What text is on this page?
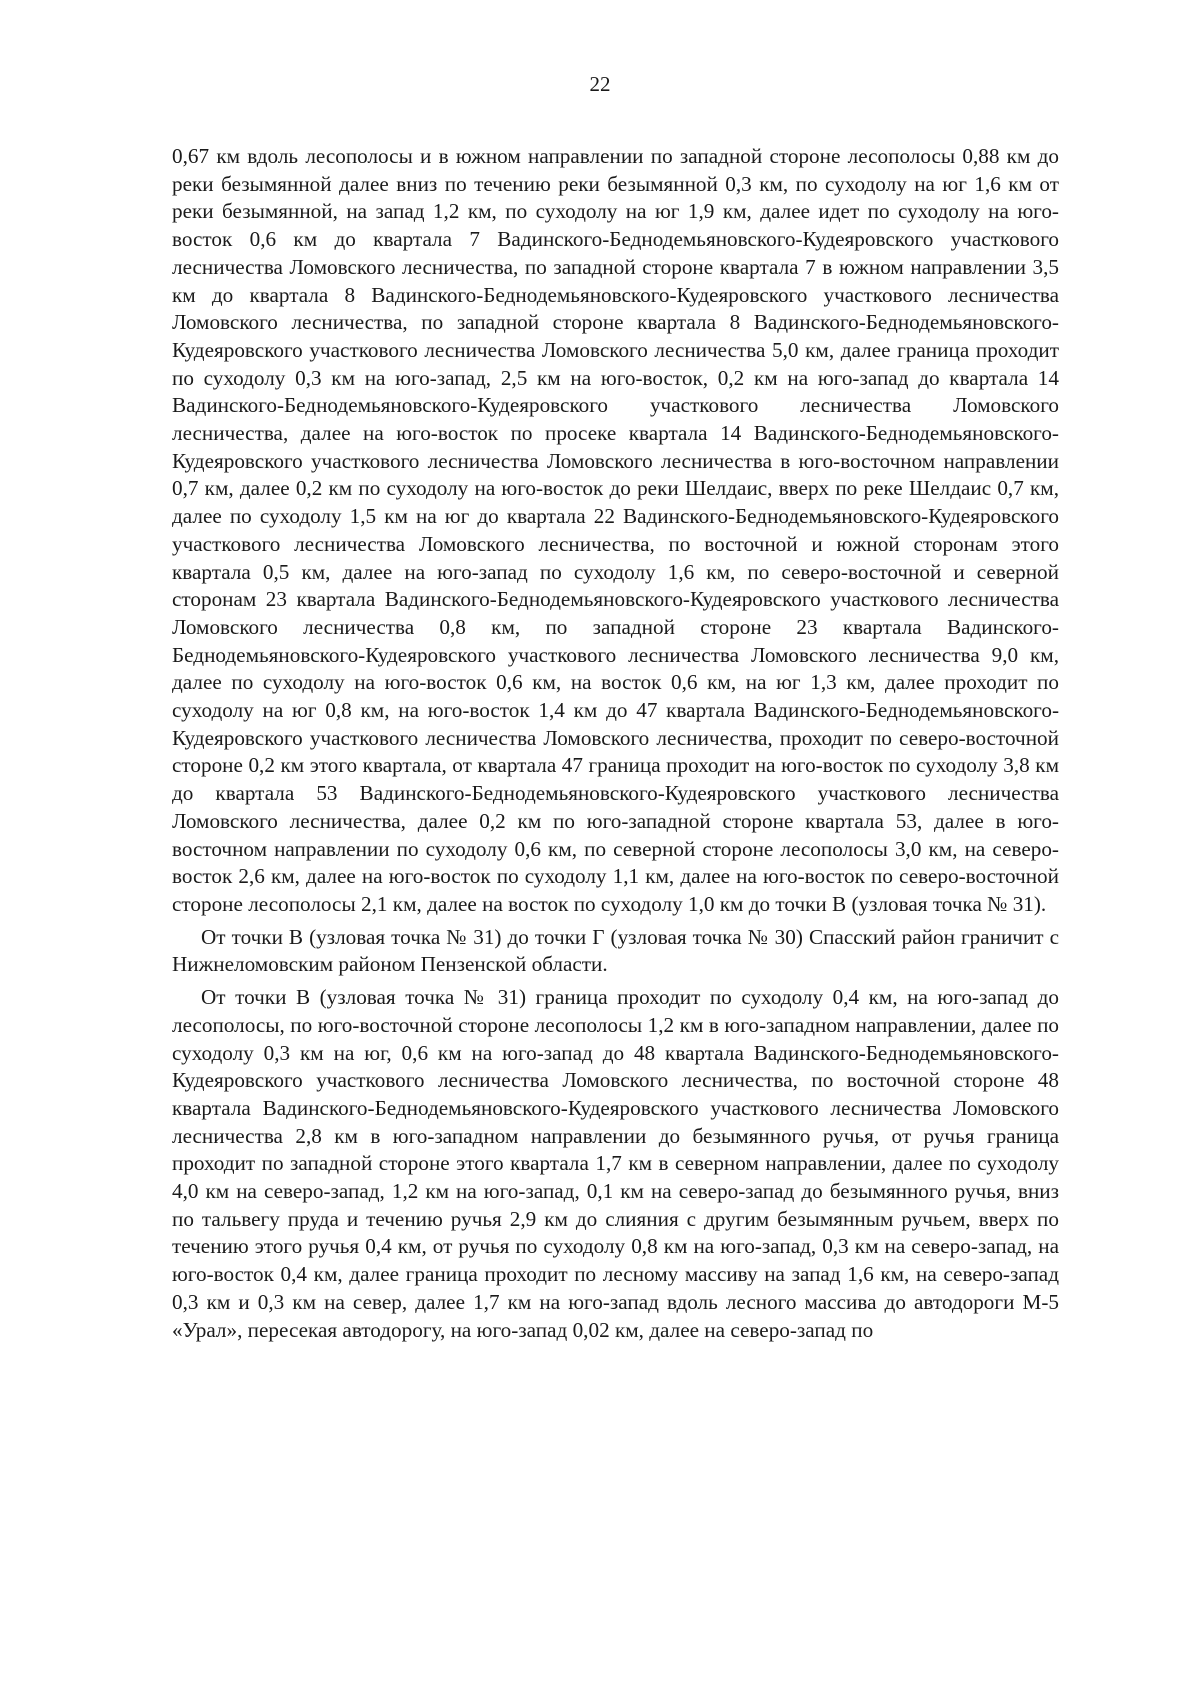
22

0,67 км вдоль лесополосы и в южном направлении по западной стороне лесополосы 0,88 км до реки безымянной далее вниз по течению реки безымянной 0,3 км, по суходолу на юг 1,6 км от реки безымянной, на запад 1,2 км, по суходолу на юг 1,9 км, далее идет по суходолу на юго-восток 0,6 км до квартала 7 Вадинского-Беднодемьяновского-Кудеяровского участкового лесничества Ломовского лесничества, по западной стороне квартала 7 в южном направлении 3,5 км до квартала 8 Вадинского-Беднодемьяновского-Кудеяровского участкового лесничества Ломовского лесничества, по западной стороне квартала 8 Вадинского-Беднодемьяновского-Кудеяровского участкового лесничества Ломовского лесничества 5,0 км, далее граница проходит по суходолу 0,3 км на юго-запад, 2,5 км на юго-восток, 0,2 км на юго-запад до квартала 14 Вадинского-Беднодемьяновского-Кудеяровского участкового лесничества Ломовского лесничества, далее на юго-восток по просеке квартала 14 Вадинского-Беднодемьяновского-Кудеяровского участкового лесничества Ломовского лесничества в юго-восточном направлении 0,7 км, далее 0,2 км по суходолу на юго-восток до реки Шелдаис, вверх по реке Шелдаис 0,7 км, далее по суходолу 1,5 км на юг до квартала 22 Вадинского-Беднодемьяновского-Кудеяровского участкового лесничества Ломовского лесничества, по восточной и южной сторонам этого квартала 0,5 км, далее на юго-запад по суходолу 1,6 км, по северо-восточной и северной сторонам 23 квартала Вадинского-Беднодемьяновского-Кудеяровского участкового лесничества Ломовского лесничества 0,8 км, по западной стороне 23 квартала Вадинского-Беднодемьяновского-Кудеяровского участкового лесничества Ломовского лесничества 9,0 км, далее по суходолу на юго-восток 0,6 км, на восток 0,6 км, на юг 1,3 км, далее проходит по суходолу на юг 0,8 км, на юго-восток 1,4 км до 47 квартала Вадинского-Беднодемьяновского-Кудеяровского участкового лесничества Ломовского лесничества, проходит по северо-восточной стороне 0,2 км этого квартала, от квартала 47 граница проходит на юго-восток по суходолу 3,8 км до квартала 53 Вадинского-Беднодемьяновского-Кудеяровского участкового лесничества Ломовского лесничества, далее 0,2 км по юго-западной стороне квартала 53, далее в юго-восточном направлении по суходолу 0,6 км, по северной стороне лесополосы 3,0 км, на северо-восток 2,6 км, далее на юго-восток по суходолу 1,1 км, далее на юго-восток по северо-восточной стороне лесополосы 2,1 км, далее на восток по суходолу 1,0 км до точки В (узловая точка № 31).

От точки В (узловая точка № 31) до точки Г (узловая точка № 30) Спасский район граничит с Нижнеломовским районом Пензенской области.

От точки В (узловая точка № 31) граница проходит по суходолу 0,4 км, на юго-запад до лесополосы, по юго-восточной стороне лесополосы 1,2 км в юго-западном направлении, далее по суходолу 0,3 км на юг, 0,6 км на юго-запад до 48 квартала Вадинского-Беднодемьяновского-Кудеяровского участкового лесничества Ломовского лесничества, по восточной стороне 48 квартала Вадинского-Беднодемьяновского-Кудеяровского участкового лесничества Ломовского лесничества 2,8 км в юго-западном направлении до безымянного ручья, от ручья граница проходит по западной стороне этого квартала 1,7 км в северном направлении, далее по суходолу 4,0 км на северо-запад, 1,2 км на юго-запад, 0,1 км на северо-запад до безымянного ручья, вниз по тальвегу пруда и течению ручья 2,9 км до слияния с другим безымянным ручьем, вверх по течению этого ручья 0,4 км, от ручья по суходолу 0,8 км на юго-запад, 0,3 км на северо-запад, на юго-восток 0,4 км, далее граница проходит по лесному массиву на запад 1,6 км, на северо-запад 0,3 км и 0,3 км на север, далее 1,7 км на юго-запад вдоль лесного массива до автодороги М-5 «Урал», пересекая автодорогу, на юго-запад 0,02 км, далее на северо-запад по
